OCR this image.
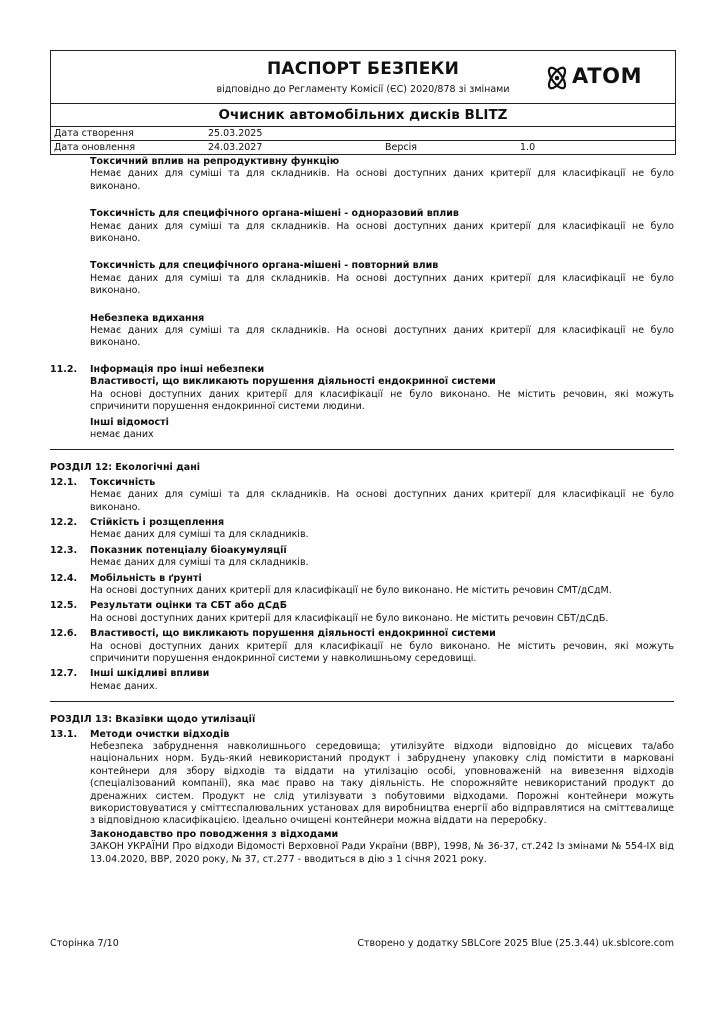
ПАСПОРТ БЕЗПЕКИ
відповідно до Регламенту Комісії (ЄС) 2020/878 зі змінами
ATOM
Очисник автомобільних дисків BLITZ
Дата створення	25.03.2025
Дата оновлення	24.03.2027	Версія	1.0
Токсичний вплив на репродуктивну функцію
Немає даних для суміші та для складників. На основі доступних даних критерії для класифікації не було виконано.
Токсичність для специфічного органа-мішені - одноразовий вплив
Немає даних для суміші та для складників. На основі доступних даних критерії для класифікації не було виконано.
Токсичність для специфічного органа-мішені - повторний влив
Немає даних для суміші та для складників. На основі доступних даних критерії для класифікації не було виконано.
Небезпека вдихання
Немає даних для суміші та для складників. На основі доступних даних критерії для класифікації не було виконано.
11.2. Інформація про інші небезпеки
Властивості, що викликають порушення діяльності ендокринної системи
На основі доступних даних критерії для класифікації не було виконано. Не містить речовин, які можуть спричинити порушення ендокринної системи людини.
Інші відомості
немає даних
РОЗДІЛ 12: Екологічні дані
12.1. Токсичність
Немає даних для суміші та для складників. На основі доступних даних критерії для класифікації не було виконано.
12.2. Стійкість і розщеплення
Немає даних для суміші та для складників.
12.3. Показник потенціалу біоакумуляції
Немає даних для суміші та для складників.
12.4. Мобільність в ґрунті
На основі доступних даних критерії для класифікації не було виконано. Не містить речовин СМТ/дСдМ.
12.5. Результати оцінки та СБТ або дСдБ
На основі доступних даних критерії для класифікації не було виконано. Не містить речовин СБТ/дСдБ.
12.6. Властивості, що викликають порушення діяльності ендокринної системи
На основі доступних даних критерії для класифікації не було виконано. Не містить речовин, які можуть спричинити порушення ендокринної системи у навколишньому середовищі.
12.7. Інші шкідливі впливи
Немає даних.
РОЗДІЛ 13: Вказівки щодо утилізації
13.1. Методи очистки відходів
Небезпека забруднення навколишнього середовища; утилізуйте відходи відповідно до місцевих та/або національних норм. Будь-який невикористаний продукт і забруднену упаковку слід помістити в марковані контейнери для збору відходів та віддати на утилізацію особі, уповноваженій на вивезення відходів (спеціалізований компанії), яка має право на таку діяльність. Не спорожняйте невикористаний продукт до дренажних систем. Продукт не слід утилізувати з побутовими відходами. Порожні контейнери можуть використовуватися у сміттєспалювальних установах для виробництва енергії або відправлятися на сміттєвалище з відповідною класифікацією. Ідеально очищені контейнери можна віддати на переробку.
Законодавство про поводження з відходами
ЗАКОН УКРАЇНИ Про відходи Відомості Верховної Ради України (ВВР), 1998, № 36-37, ст.242 Із змінами № 554-IX від 13.04.2020, ВВР, 2020 року, № 37, ст.277 - вводиться в дію з 1 січня 2021 року.
Сторінка 7/10	Створено у додатку SBLCore 2025 Blue (25.3.44) uk.sblcore.com
